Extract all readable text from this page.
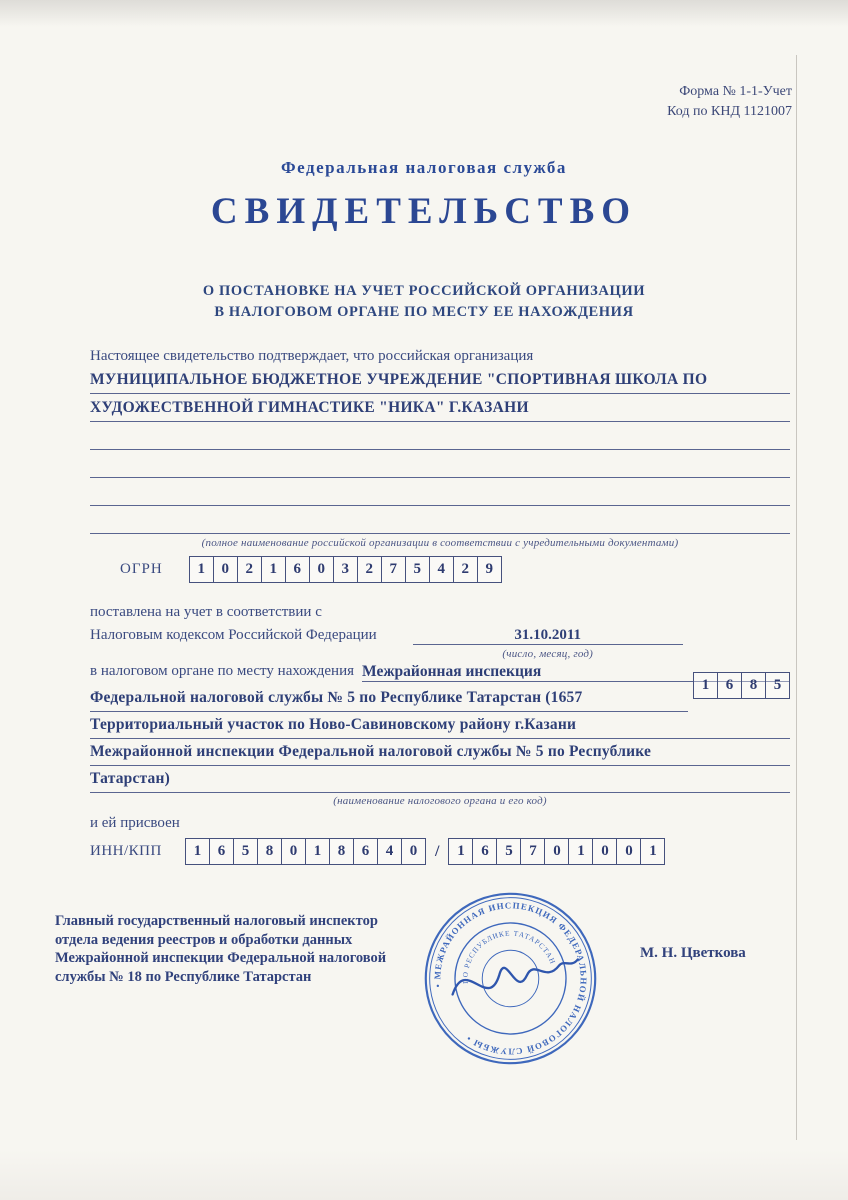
Форма № 1-1-Учет
Код по КНД 1121007
Федеральная налоговая служба
СВИДЕТЕЛЬСТВО
О ПОСТАНОВКЕ НА УЧЕТ РОССИЙСКОЙ ОРГАНИЗАЦИИ
В НАЛОГОВОМ ОРГАНЕ ПО МЕСТУ ЕЕ НАХОЖДЕНИЯ
Настоящее свидетельство подтверждает, что российская организация
МУНИЦИПАЛЬНОЕ БЮДЖЕТНОЕ УЧРЕЖДЕНИЕ "СПОРТИВНАЯ ШКОЛА ПО
ХУДОЖЕСТВЕННОЙ ГИМНАСТИКЕ "НИКА" Г.КАЗАНИ
(полное наименование российской организации в соответствии с учредительными документами)
ОГРН	1	0	2	1	6	0	3	2	7	5	4	2	9
поставлена на учет в соответствии с
Налоговым кодексом Российской Федерации	31.10.2011
(число, месяц, год)
в налоговом органе по месту нахождения Межрайонная инспекция
Федеральной налоговой службы № 5 по Республике Татарстан (1657
1	6	8	5
Территориальный участок по Ново-Савиновскому району г.Казани
Межрайонной инспекции Федеральной налоговой службы № 5 по Республике
Татарстан)
(наименование налогового органа и его код)
и ей присвоен
ИНН/КПП	1	6	5	8	0	1	8	6	4	0	/	1	6	5	7	0	1	0	0	1
Главный государственный налоговый инспектор
отдела ведения реестров и обработки данных
Межрайонной инспекции Федеральной налоговой
службы № 18 по Республике Татарстан
• МЕЖРАЙОННАЯ ИНСПЕКЦИЯ ФЕДЕРАЛЬНОЙ НАЛОГОВОЙ СЛУЖБЫ •
ПО РЕСПУБЛИКЕ ТАТАРСТАН
М. Н. Цветкова
